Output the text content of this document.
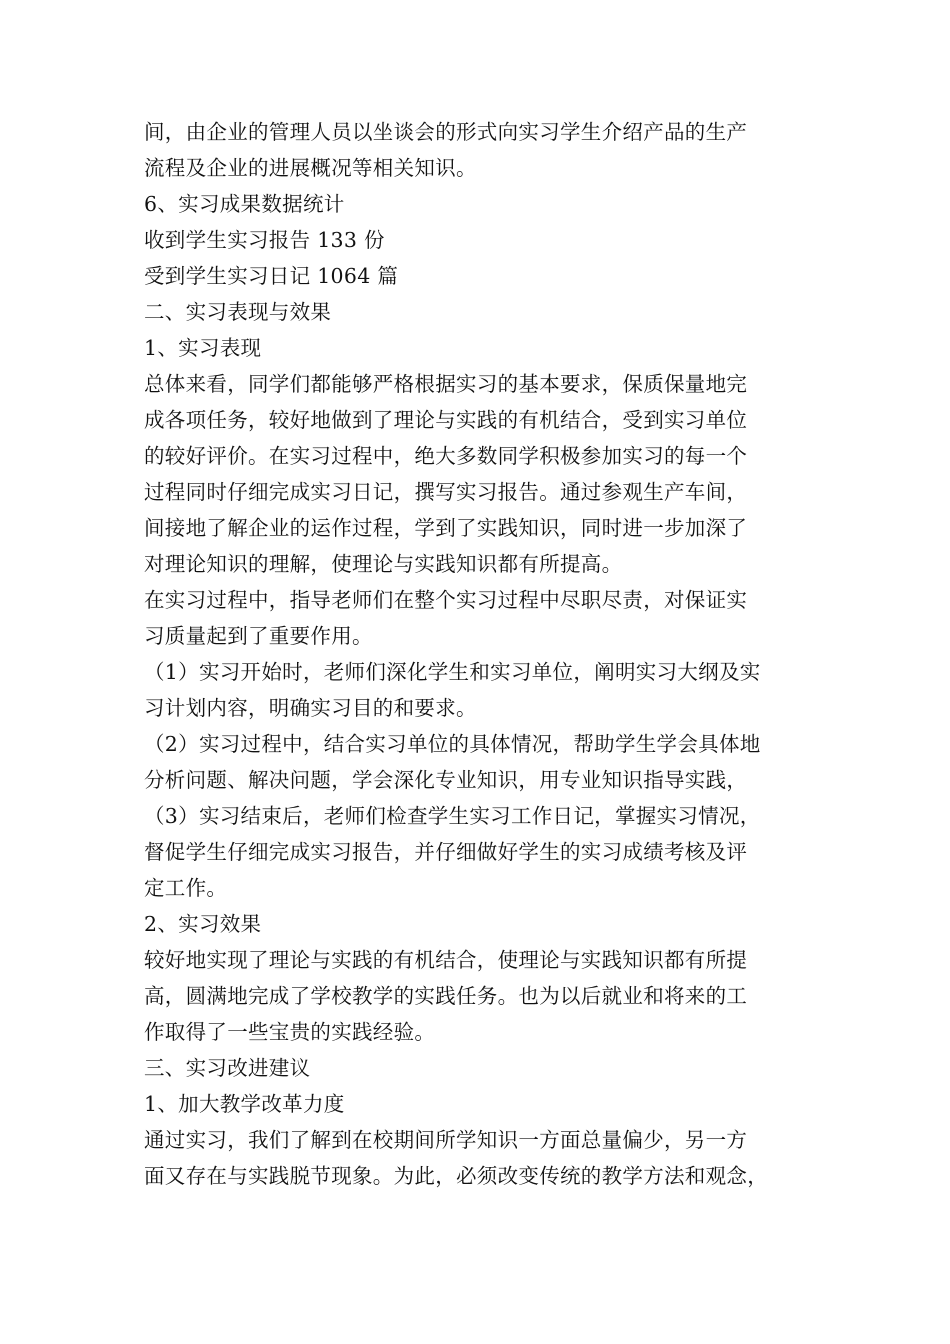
间，由企业的管理人员以坐谈会的形式向实习学生介绍产品的生产
流程及企业的进展概况等相关知识。
6、实习成果数据统计
收到学生实习报告 133 份
受到学生实习日记 1064 篇
二、实习表现与效果
1、实习表现
总体来看，同学们都能够严格根据实习的基本要求，保质保量地完
成各项任务，较好地做到了理论与实践的有机结合，受到实习单位
的较好评价。在实习过程中，绝大多数同学积极参加实习的每一个
过程同时仔细完成实习日记，撰写实习报告。通过参观生产车间，
间接地了解企业的运作过程，学到了实践知识，同时进一步加深了
对理论知识的理解，使理论与实践知识都有所提高。
在实习过程中，指导老师们在整个实习过程中尽职尽责，对保证实
习质量起到了重要作用。
（1）实习开始时，老师们深化学生和实习单位，阐明实习大纲及实
习计划内容，明确实习目的和要求。
（2）实习过程中，结合实习单位的具体情况，帮助学生学会具体地
分析问题、解决问题，学会深化专业知识，用专业知识指导实践，
（3）实习结束后，老师们检查学生实习工作日记，掌握实习情况，
督促学生仔细完成实习报告，并仔细做好学生的实习成绩考核及评
定工作。
2、实习效果
较好地实现了理论与实践的有机结合，使理论与实践知识都有所提
高，圆满地完成了学校教学的实践任务。也为以后就业和将来的工
作取得了一些宝贵的实践经验。
三、实习改进建议
1、加大教学改革力度
通过实习，我们了解到在校期间所学知识一方面总量偏少，另一方
面又存在与实践脱节现象。为此，必须改变传统的教学方法和观念，
